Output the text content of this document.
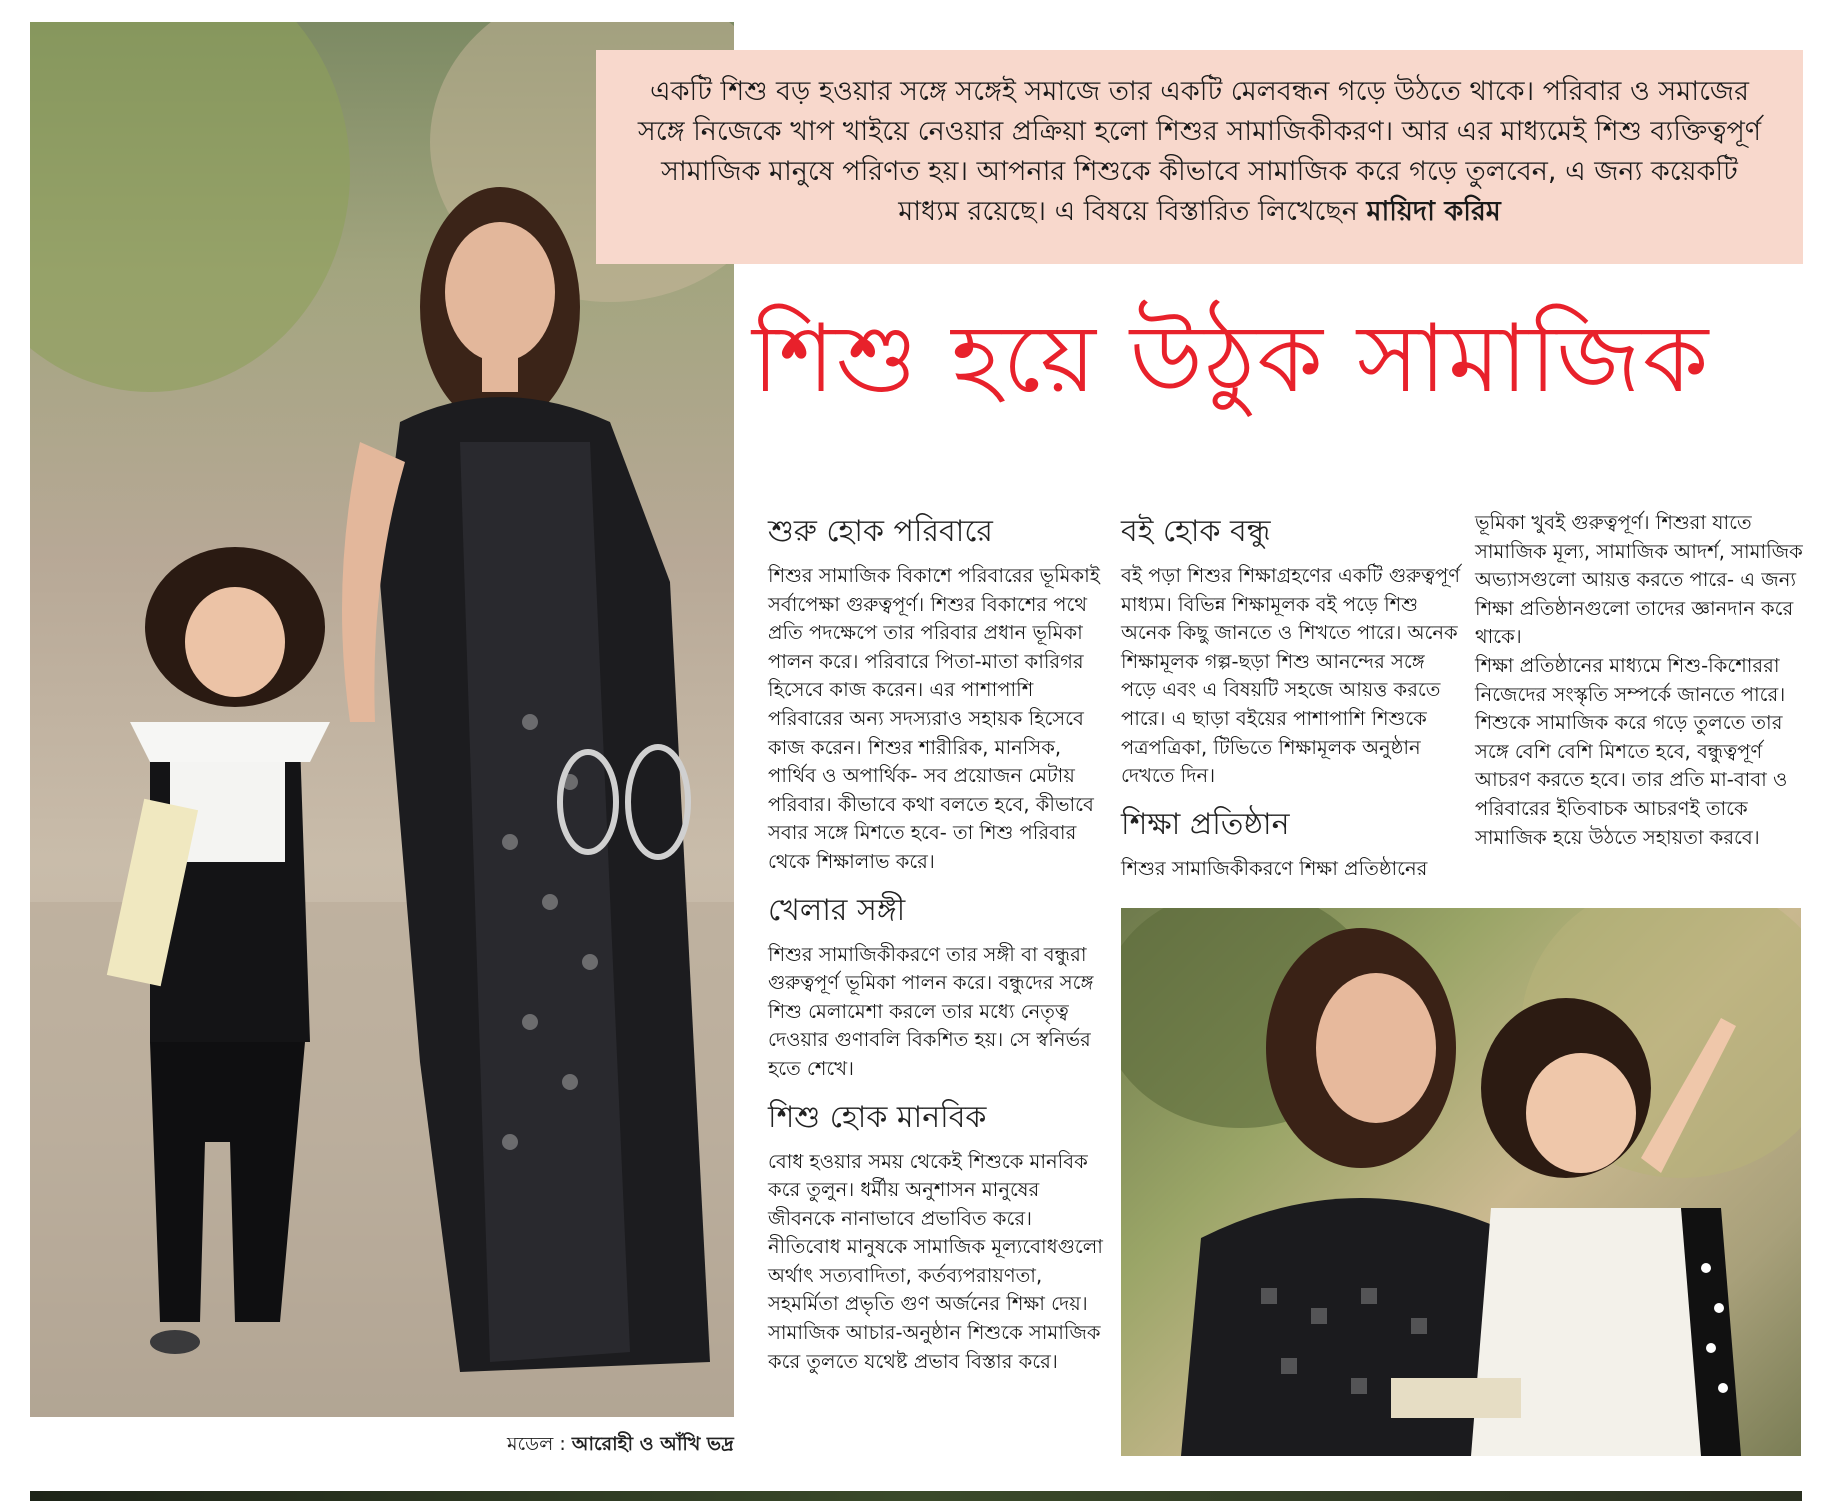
মডেল : আরোহী ও আঁখি ভদ্র
একটি শিশু বড় হওয়ার সঙ্গে সঙ্গেই সমাজে তার একটি মেলবন্ধন গড়ে উঠতে থাকে। পরিবার ও সমাজের সঙ্গে নিজেকে খাপ খাইয়ে নেওয়ার প্রক্রিয়া হলো শিশুর সামাজিকীকরণ। আর এর মাধ্যমেই শিশু ব্যক্তিত্বপূর্ণ সামাজিক মানুষে পরিণত হয়। আপনার শিশুকে কীভাবে সামাজিক করে গড়ে তুলবেন, এ জন্য কয়েকটি মাধ্যম রয়েছে। এ বিষয়ে বিস্তারিত লিখেছেন মায়িদা করিম
শিশু হয়ে উঠুক সামাজিক
শুরু হোক পরিবারে

শিশুর সামাজিক বিকাশে পরিবারের ভূমিকাই সর্বাপেক্ষা গুরুত্বপূর্ণ। শিশুর বিকাশের পথে প্রতি পদক্ষেপে তার পরিবার প্রধান ভূমিকা পালন করে। পরিবারে পিতা-মাতা কারিগর হিসেবে কাজ করেন। এর পাশাপাশি পরিবারের অন্য সদস্যরাও সহায়ক হিসেবে কাজ করেন। শিশুর শারীরিক, মানসিক, পার্থিব ও অপার্থিক- সব প্রয়োজন মেটায় পরিবার। কীভাবে কথা বলতে হবে, কীভাবে সবার সঙ্গে মিশতে হবে- তা শিশু পরিবার থেকে শিক্ষালাভ করে।

খেলার সঙ্গী

শিশুর সামাজিকীকরণে তার সঙ্গী বা বন্ধুরা গুরুত্বপূর্ণ ভূমিকা পালন করে। বন্ধুদের সঙ্গে শিশু মেলামেশা করলে তার মধ্যে নেতৃত্ব দেওয়ার গুণাবলি বিকশিত হয়। সে স্বনির্ভর হতে শেখে।

শিশু হোক মানবিক

বোধ হওয়ার সময় থেকেই শিশুকে মানবিক করে তুলুন। ধর্মীয় অনুশাসন মানুষের জীবনকে নানাভাবে প্রভাবিত করে। নীতিবোধ মানুষকে সামাজিক মূল্যবোধগুলো অর্থাৎ সত্যবাদিতা, কর্তব্যপরায়ণতা, সহমর্মিতা প্রভৃতি গুণ অর্জনের শিক্ষা দেয়। সামাজিক আচার-অনুষ্ঠান শিশুকে সামাজিক করে তুলতে যথেষ্ট প্রভাব বিস্তার করে।

বই হোক বন্ধু

বই পড়া শিশুর শিক্ষাগ্রহণের একটি গুরুত্বপূর্ণ মাধ্যম। বিভিন্ন শিক্ষামূলক বই পড়ে শিশু অনেক কিছু জানতে ও শিখতে পারে। অনেক শিক্ষামূলক গল্প-ছড়া শিশু আনন্দের সঙ্গে পড়ে এবং এ বিষয়টি সহজে আয়ত্ত করতে পারে। এ ছাড়া বইয়ের পাশাপাশি শিশুকে পত্রপত্রিকা, টিভিতে শিক্ষামূলক অনুষ্ঠান দেখতে দিন।

শিক্ষা প্রতিষ্ঠান

শিশুর সামাজিকীকরণে শিক্ষা প্রতিষ্ঠানের

ভূমিকা খুবই গুরুত্বপূর্ণ। শিশুরা যাতে সামাজিক মূল্য, সামাজিক আদর্শ, সামাজিক অভ্যাসগুলো আয়ত্ত করতে পারে- এ জন্য শিক্ষা প্রতিষ্ঠানগুলো তাদের জ্ঞানদান করে থাকে।

শিক্ষা প্রতিষ্ঠানের মাধ্যমে শিশু-কিশোররা নিজেদের সংস্কৃতি সম্পর্কে জানতে পারে। শিশুকে সামাজিক করে গড়ে তুলতে তার সঙ্গে বেশি বেশি মিশতে হবে, বন্ধুত্বপূর্ণ আচরণ করতে হবে। তার প্রতি মা-বাবা ও পরিবারের ইতিবাচক আচরণই তাকে সামাজিক হয়ে উঠতে সহায়তা করবে।
